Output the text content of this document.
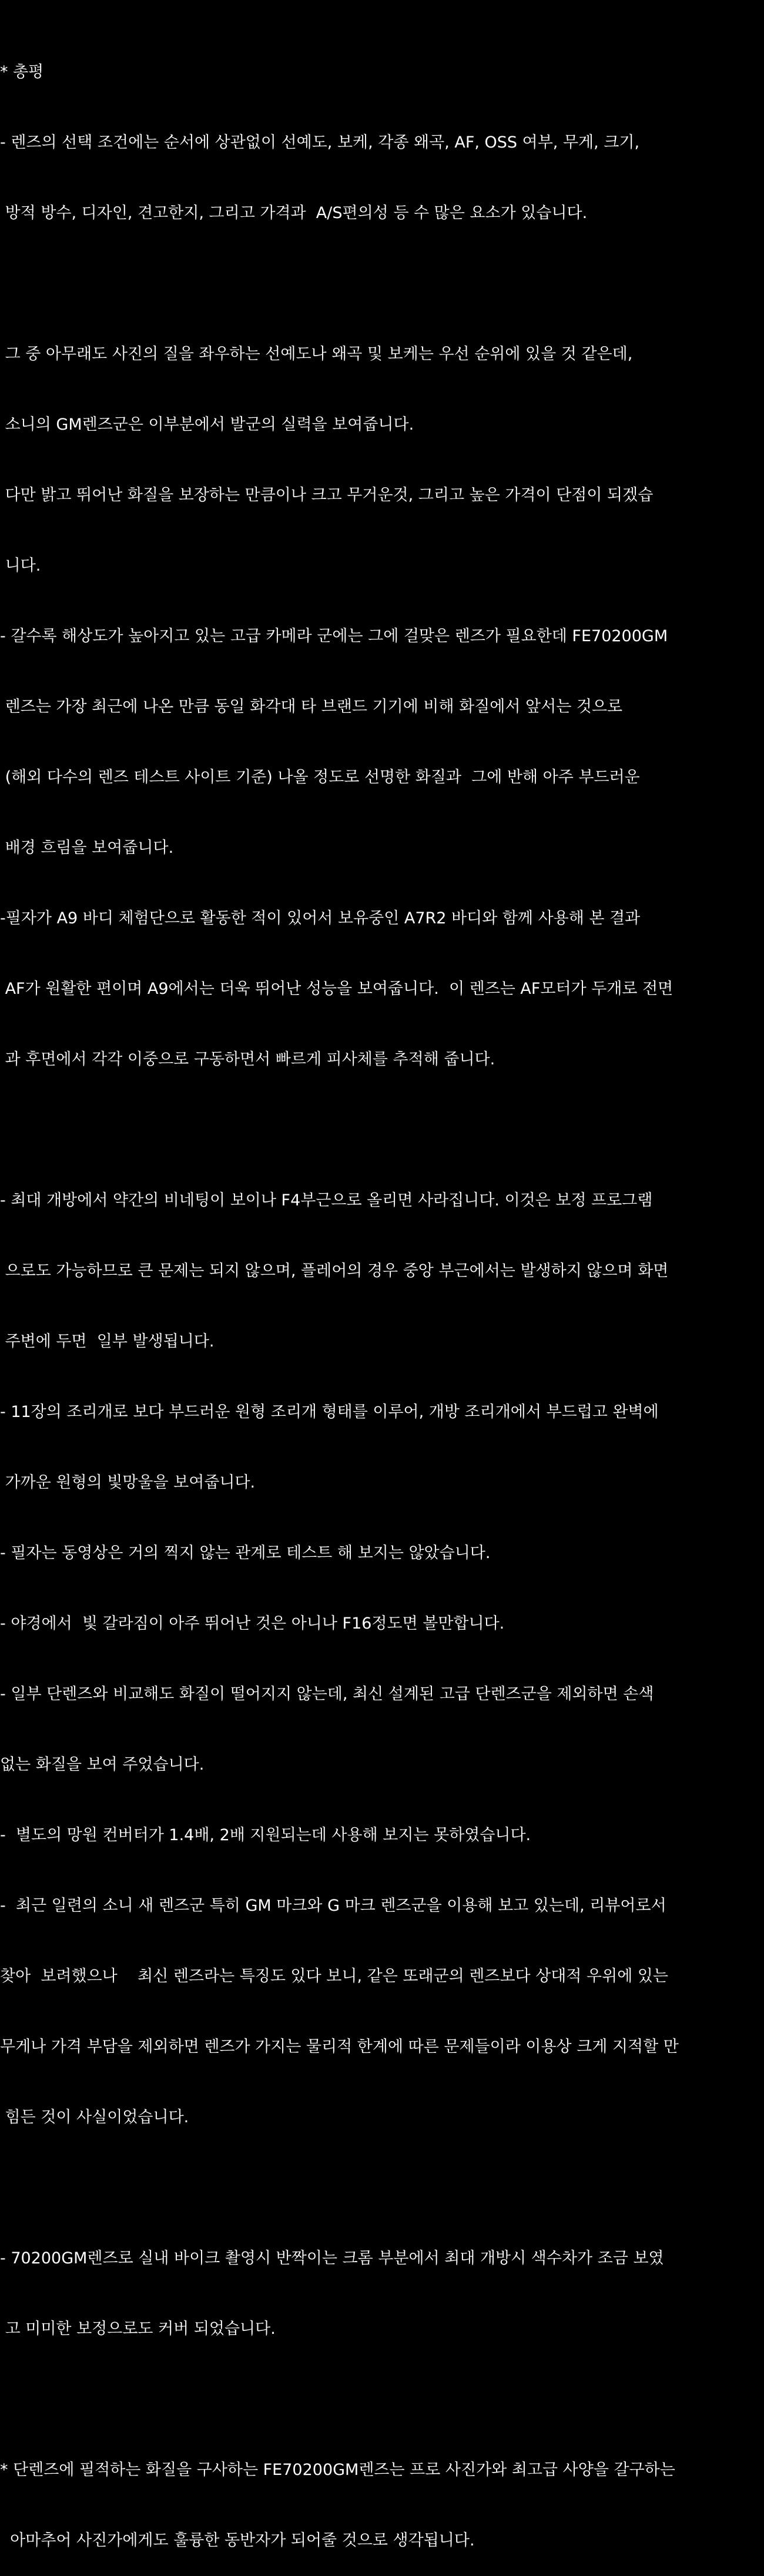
* 총평

- 렌즈의 선택 조건에는 순서에 상관없이 선예도, 보케, 각종 왜곡, AF, OSS 여부, 무게, 크기,

방적 방수, 디자인, 견고한지, 그리고 가격과  A/S편의성 등 수 많은 요소가 있습니다.

그 중 아무래도 사진의 질을 좌우하는 선예도나 왜곡 및 보케는 우선 순위에 있을 것 같은데,

소니의 GM렌즈군은 이부분에서 발군의 실력을 보여줍니다.

다만 밝고 뛰어난 화질을 보장하는 만큼이나 크고 무거운것, 그리고 높은 가격이 단점이 되겠습

니다.

- 갈수록 해상도가 높아지고 있는 고급 카메라 군에는 그에 걸맞은 렌즈가 필요한데 FE70200GM

렌즈는 가장 최근에 나온 만큼 동일 화각대 타 브랜드 기기에 비해 화질에서 앞서는 것으로

(해외 다수의 렌즈 테스트 사이트 기준) 나올 정도로 선명한 화질과  그에 반해 아주 부드러운

배경 흐림을 보여줍니다.

-필자가 A9 바디 체험단으로 활동한 적이 있어서 보유중인 A7R2 바디와 함께 사용해 본 결과

AF가 원활한 편이며 A9에서는 더욱 뛰어난 성능을 보여줍니다.  이 렌즈는 AF모터가 두개로 전면

과 후면에서 각각 이중으로 구동하면서 빠르게 피사체를 추적해 줍니다.

- 최대 개방에서 약간의 비네팅이 보이나 F4부근으로 올리면 사라집니다. 이것은 보정 프로그램

으로도 가능하므로 큰 문제는 되지 않으며, 플레어의 경우 중앙 부근에서는 발생하지 않으며 화면

주변에 두면  일부 발생됩니다.

- 11장의 조리개로 보다 부드러운 원형 조리개 형태를 이루어, 개방 조리개에서 부드럽고 완벽에

가까운 원형의 빛망울을 보여줍니다.

- 필자는 동영상은 거의 찍지 않는 관계로 테스트 해 보지는 않았습니다.

- 야경에서  빛 갈라짐이 아주 뛰어난 것은 아니나 F16정도면 볼만합니다.

- 일부 단렌즈와 비교해도 화질이 떨어지지 않는데, 최신 설계된 고급 단렌즈군을 제외하면 손색

없는 화질을 보여 주었습니다.

-  별도의 망원 컨버터가 1.4배, 2배 지원되는데 사용해 보지는 못하였습니다.

-  최근 일련의 소니 새 렌즈군 특히 GM 마크와 G 마크 렌즈군을 이용해 보고 있는데, 리뷰어로서

찾아  보려했으나    최신 렌즈라는 특징도 있다 보니, 같은 또래군의 렌즈보다 상대적 우위에 있는

무게나 가격 부담을 제외하면 렌즈가 가지는 물리적 한계에 따른 문제들이라 이용상 크게 지적할 만

힘든 것이 사실이었습니다.

- 70200GM렌즈로 실내 바이크 촬영시 반짝이는 크롬 부분에서 최대 개방시 색수차가 조금 보였

고 미미한 보정으로도 커버 되었습니다.

* 단렌즈에 필적하는 화질을 구사하는 FE70200GM렌즈는 프로 사진가와 최고급 사양을 갈구하는

아마추어 사진가에게도 훌륭한 동반자가 되어줄 것으로 생각됩니다.
